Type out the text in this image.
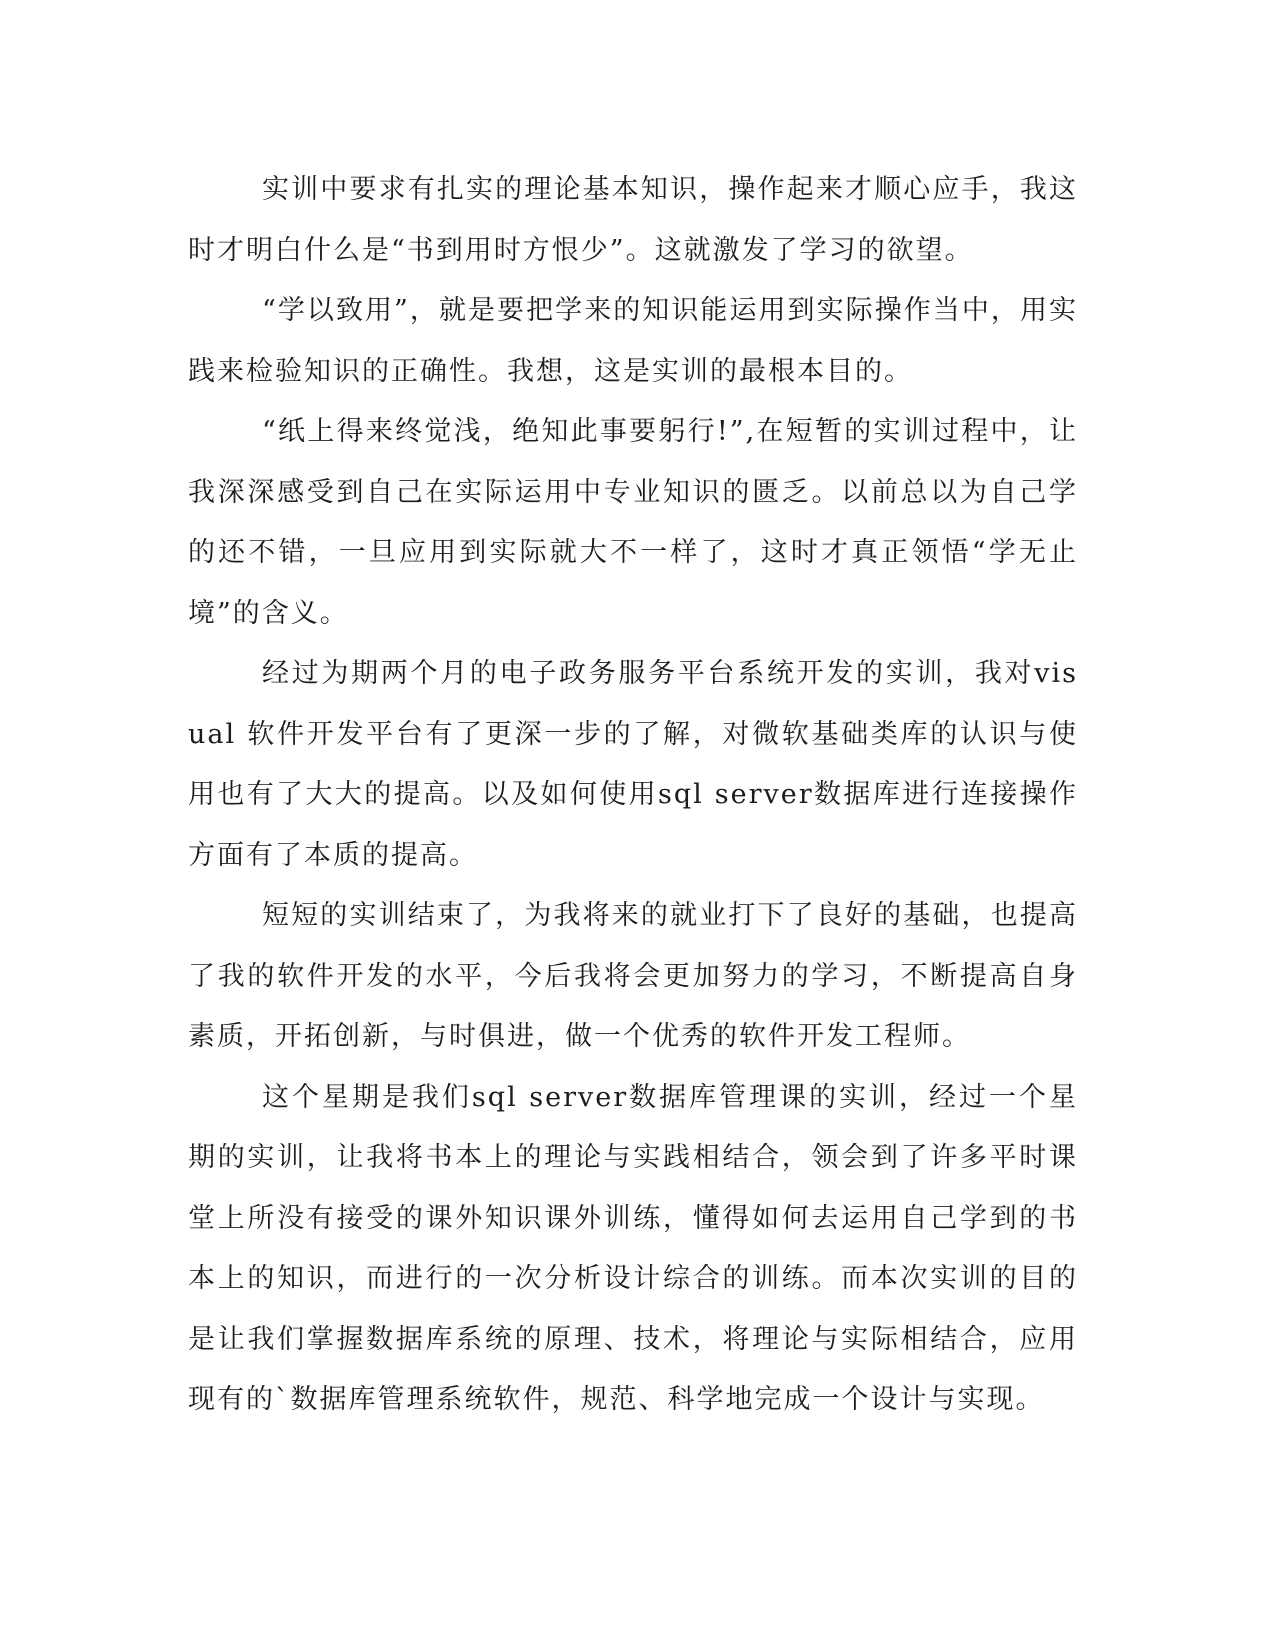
实训中要求有扎实的理论基本知识，操作起来才顺心应手，我这时才明白什么是“书到用时方恨少”。这就激发了学习的欲望。

“学以致用”，就是要把学来的知识能运用到实际操作当中，用实践来检验知识的正确性。我想，这是实训的最根本目的。

“纸上得来终觉浅，绝知此事要躬行!”,在短暂的实训过程中，让我深深感受到自己在实际运用中专业知识的匮乏。以前总以为自己学的还不错，一旦应用到实际就大不一样了，这时才真正领悟“学无止境”的含义。

经过为期两个月的电子政务服务平台系统开发的实训，我对visual 软件开发平台有了更深一步的了解，对微软基础类库的认识与使用也有了大大的提高。以及如何使用sql server数据库进行连接操作方面有了本质的提高。

短短的实训结束了，为我将来的就业打下了良好的基础，也提高了我的软件开发的水平，今后我将会更加努力的学习，不断提高自身素质，开拓创新，与时俱进，做一个优秀的软件开发工程师。

这个星期是我们sql server数据库管理课的实训，经过一个星期的实训，让我将书本上的理论与实践相结合，领会到了许多平时课堂上所没有接受的课外知识课外训练，懂得如何去运用自己学到的书本上的知识，而进行的一次分析设计综合的训练。而本次实训的目的是让我们掌握数据库系统的原理、技术，将理论与实际相结合，应用现有的`数据库管理系统软件，规范、科学地完成一个设计与实现。
